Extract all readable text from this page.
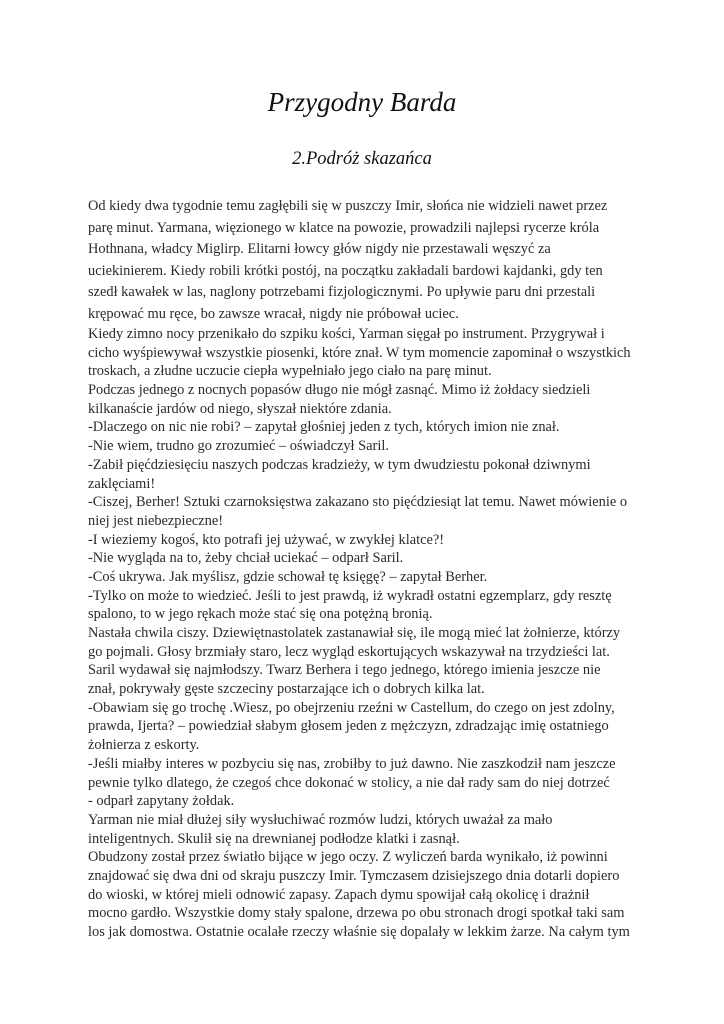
Przygodny Barda
2.Podróż skazańca
Od kiedy dwa tygodnie temu zagłębili się w puszczy Imir, słońca nie widzieli nawet przez
parę minut. Yarmana, więzionego w klatce na powozie, prowadzili najlepsi rycerze króla
Hothnana, władcy Miglirp. Elitarni łowcy głów nigdy nie przestawali węszyć za
uciekinierem. Kiedy robili krótki postój, na początku zakładali bardowi kajdanki, gdy ten
szedł kawałek w las, naglony potrzebami fizjologicznymi. Po upływie paru dni przestali
krępować mu ręce, bo zawsze wracał, nigdy nie próbował uciec.
Kiedy zimno nocy przenikało do szpiku kości, Yarman sięgał po instrument. Przygrywał i
cicho wyśpiewywał wszystkie piosenki, które znał. W tym momencie zapominał o wszystkich
troskach, a złudne uczucie ciepła wypełniało jego ciało na parę minut.
Podczas jednego z nocnych popasów długo nie mógł zasnąć. Mimo iż żołdacy siedzieli
kilkanaście jardów od niego, słyszał niektóre zdania.
-Dlaczego on nic nie robi? – zapytał głośniej jeden z tych, których imion nie znał.
-Nie wiem, trudno go zrozumieć – oświadczył Saril.
-Zabił pięćdziesięciu naszych podczas kradzieży, w tym dwudziestu pokonał dziwnymi
zaklęciami!
-Ciszej, Berher! Sztuki czarnoksięstwa zakazano sto pięćdziesiąt lat temu. Nawet mówienie o
niej jest niebezpieczne!
-I wieziemy kogoś, kto potrafi jej używać, w zwykłej klatce?!
-Nie wygląda na to, żeby chciał uciekać – odparł Saril.
-Coś ukrywa. Jak myślisz, gdzie schował tę księgę? – zapytał Berher.
-Tylko on może to wiedzieć. Jeśli to jest prawdą, iż wykradł ostatni egzemplarz, gdy resztę
spalono, to w jego rękach może stać się ona potężną bronią.
Nastała chwila ciszy. Dziewiętnastolatek zastanawiał się, ile mogą mieć lat żołnierze, którzy
go pojmali. Głosy brzmiały staro, lecz wygląd eskortujących wskazywał na trzydzieści lat.
Saril wydawał się najmłodszy. Twarz Berhera i tego jednego, którego imienia jeszcze nie
znał, pokrywały gęste szczeciny postarzające ich o dobrych kilka lat.
-Obawiam się go trochę .Wiesz, po obejrzeniu rzeźni w Castellum, do czego on jest zdolny,
prawda, Ijerta? – powiedział słabym głosem jeden z mężczyzn, zdradzając imię ostatniego
żołnierza z eskorty.
-Jeśli miałby interes w pozbyciu się nas, zrobiłby to już dawno. Nie zaszkodził nam jeszcze
pewnie tylko dlatego, że czegoś chce dokonać w stolicy, a nie dał rady sam do niej dotrzeć
- odparł zapytany żołdak.
Yarman nie miał dłużej siły wysłuchiwać rozmów ludzi, których uważał za mało
inteligentnych. Skulił się na drewnianej podłodze klatki i zasnął.
Obudzony został przez światło bijące w jego oczy. Z wyliczeń barda wynikało, iż powinni
znajdować się dwa dni od skraju puszczy Imir. Tymczasem dzisiejszego dnia dotarli dopiero
do wioski, w której mieli odnowić zapasy. Zapach dymu spowijał całą okolicę i drażnił
mocno gardło. Wszystkie domy stały spalone, drzewa po obu stronach drogi spotkał taki sam
los jak domostwa. Ostatnie ocalałe rzeczy właśnie się dopalały w lekkim żarze. Na całym tym
